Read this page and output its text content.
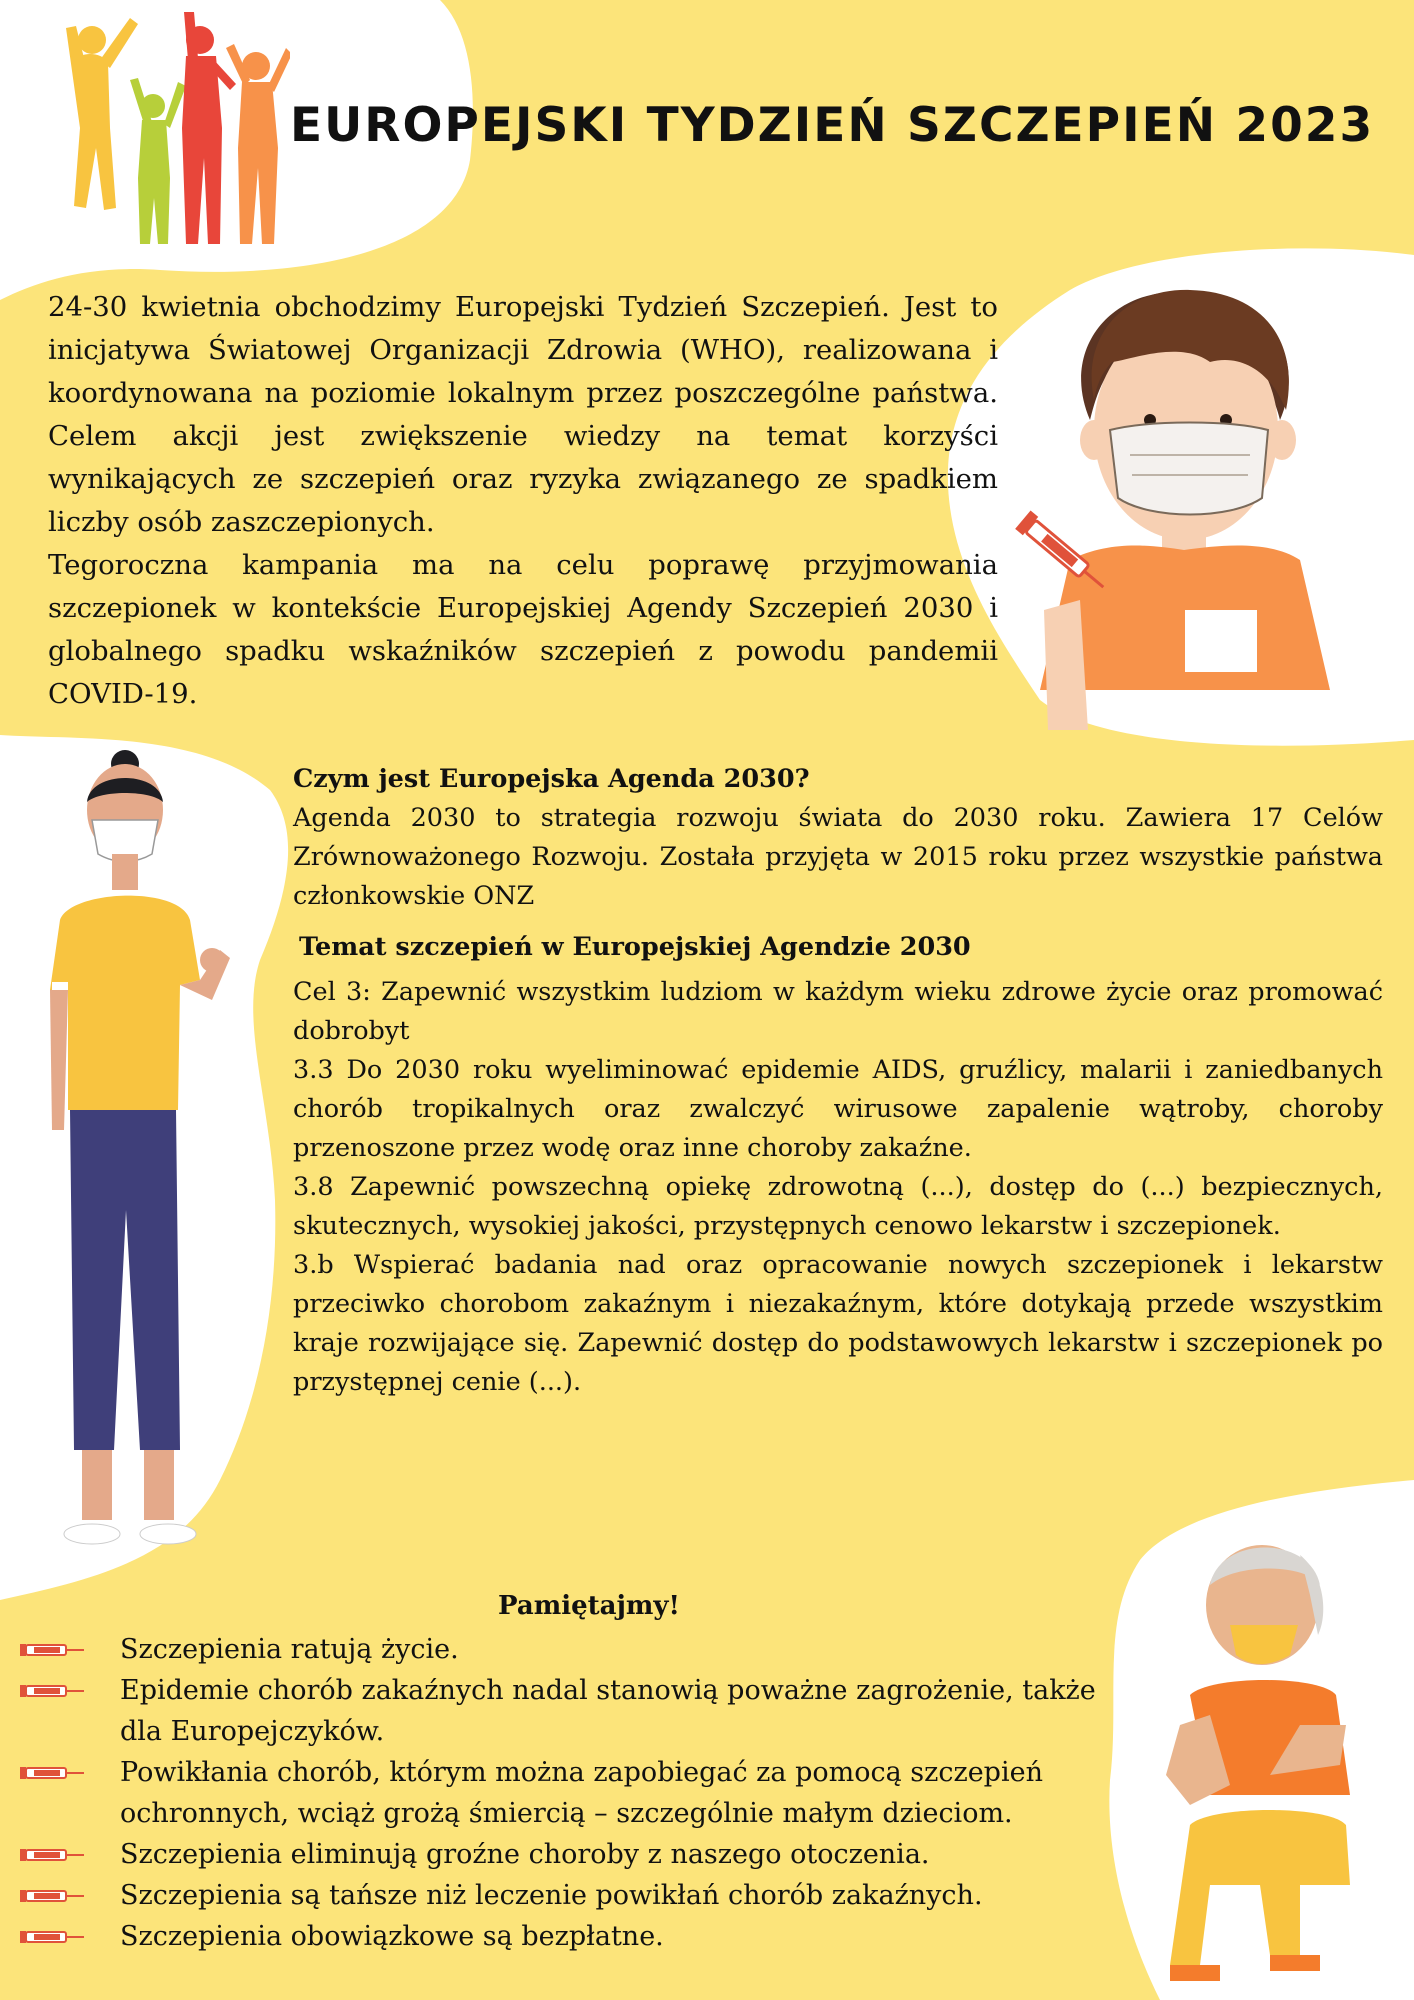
EUROPEJSKI TYDZIEŃ SZCZEPIEŃ 2023

24-30 kwietnia obchodzimy Europejski Tydzień Szczepień. Jest to inicjatywa Światowej Organizacji Zdrowia (WHO), realizowana i koordynowana na poziomie lokalnym przez poszczególne państwa. Celem akcji jest zwiększenie wiedzy na temat korzyści wynikających ze szczepień oraz ryzyka związanego ze spadkiem liczby osób zaszczepionych.

Tegoroczna kampania ma na celu poprawę przyjmowania szczepionek w kontekście Europejskiej Agendy Szczepień 2030 i globalnego spadku wskaźników szczepień z powodu pandemii COVID-19.

Czym jest Europejska Agenda 2030?

Agenda 2030 to strategia rozwoju świata do 2030 roku. Zawiera 17 Celów Zrównoważonego Rozwoju. Została przyjęta w 2015 roku przez wszystkie państwa członkowskie ONZ

Temat szczepień w Europejskiej Agendzie 2030

Cel 3: Zapewnić wszystkim ludziom w każdym wieku zdrowe życie oraz promować dobrobyt

3.3 Do 2030 roku wyeliminować epidemie AIDS, gruźlicy, malarii i zaniedbanych chorób tropikalnych oraz zwalczyć wirusowe zapalenie wątroby, choroby przenoszone przez wodę oraz inne choroby zakaźne.

3.8 Zapewnić powszechną opiekę zdrowotną (...), dostęp do (...) bezpiecznych, skutecznych, wysokiej jakości, przystępnych cenowo lekarstw i szczepionek.

3.b Wspierać badania nad oraz opracowanie nowych szczepionek i lekarstw przeciwko chorobom zakaźnym i niezakaźnym, które dotykają przede wszystkim kraje rozwijające się. Zapewnić dostęp do podstawowych lekarstw i szczepionek po przystępnej cenie (...).

Pamiętajmy!
Szczepienia ratują życie.
Epidemie chorób zakaźnych nadal stanowią poważne zagrożenie, także dla Europejczyków.
Powikłania chorób, którym można zapobiegać za pomocą szczepień ochronnych, wciąż grożą śmiercią – szczególnie małym dzieciom.
Szczepienia eliminują groźne choroby z naszego otoczenia.
Szczepienia są tańsze niż leczenie powikłań chorób zakaźnych.
Szczepienia obowiązkowe są bezpłatne.
